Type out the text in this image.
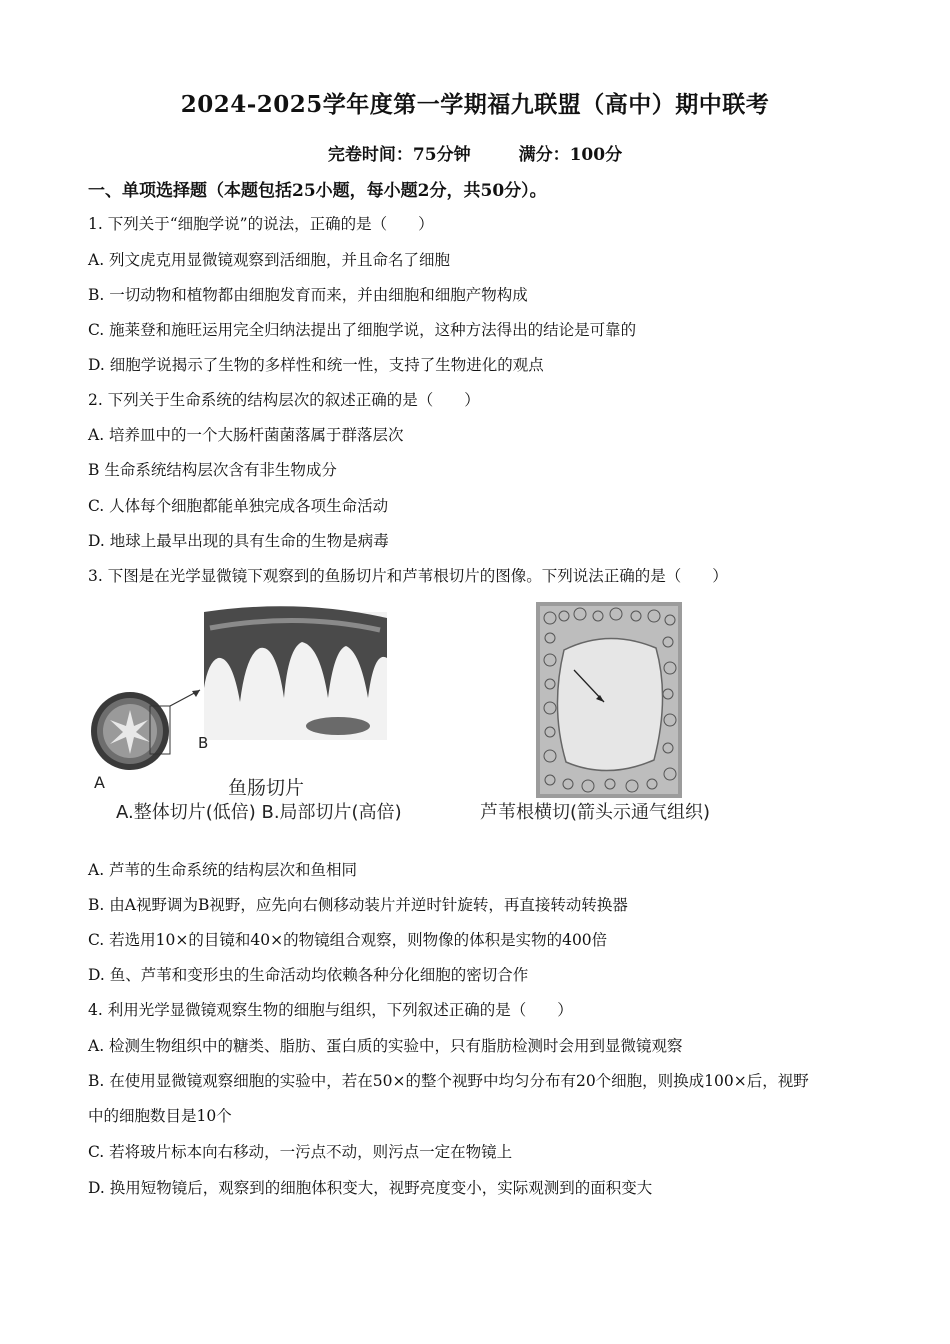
2024-2025学年度第一学期福九联盟（高中）期中联考
完卷时间：75分钟	满分：100分
一、单项选择题（本题包括25小题，每小题2分，共50分）。
1. 下列关于“细胞学说”的说法，正确的是（　　）
A. 列文虎克用显微镜观察到活细胞，并且命名了细胞
B. 一切动物和植物都由细胞发育而来，并由细胞和细胞产物构成
C. 施莱登和施旺运用完全归纳法提出了细胞学说，这种方法得出的结论是可靠的
D. 细胞学说揭示了生物的多样性和统一性，支持了生物进化的观点
2. 下列关于生命系统的结构层次的叙述正确的是（　　）
A. 培养皿中的一个大肠杆菌菌落属于群落层次
B 生命系统结构层次含有非生物成分
C. 人体每个细胞都能单独完成各项生命活动
D. 地球上最早出现的具有生命的生物是病毒
3. 下图是在光学显微镜下观察到的鱼肠切片和芦苇根切片的图像。下列说法正确的是（　　）
A
B
鱼肠切片
A.整体切片(低倍) B.局部切片(高倍)	芦苇根横切(箭头示通气组织)
A. 芦苇的生命系统的结构层次和鱼相同
B. 由A视野调为B视野，应先向右侧移动装片并逆时针旋转，再直接转动转换器
C. 若选用10×的目镜和40×的物镜组合观察，则物像的体积是实物的400倍
D. 鱼、芦苇和变形虫的生命活动均依赖各种分化细胞的密切合作
4. 利用光学显微镜观察生物的细胞与组织，下列叙述正确的是（　　）
A. 检测生物组织中的糖类、脂肪、蛋白质的实验中，只有脂肪检测时会用到显微镜观察
B. 在使用显微镜观察细胞的实验中，若在50×的整个视野中均匀分布有20个细胞，则换成100×后，视野
中的细胞数目是10个
C. 若将玻片标本向右移动，一污点不动，则污点一定在物镜上
D. 换用短物镜后，观察到的细胞体积变大，视野亮度变小，实际观测到的面积变大
